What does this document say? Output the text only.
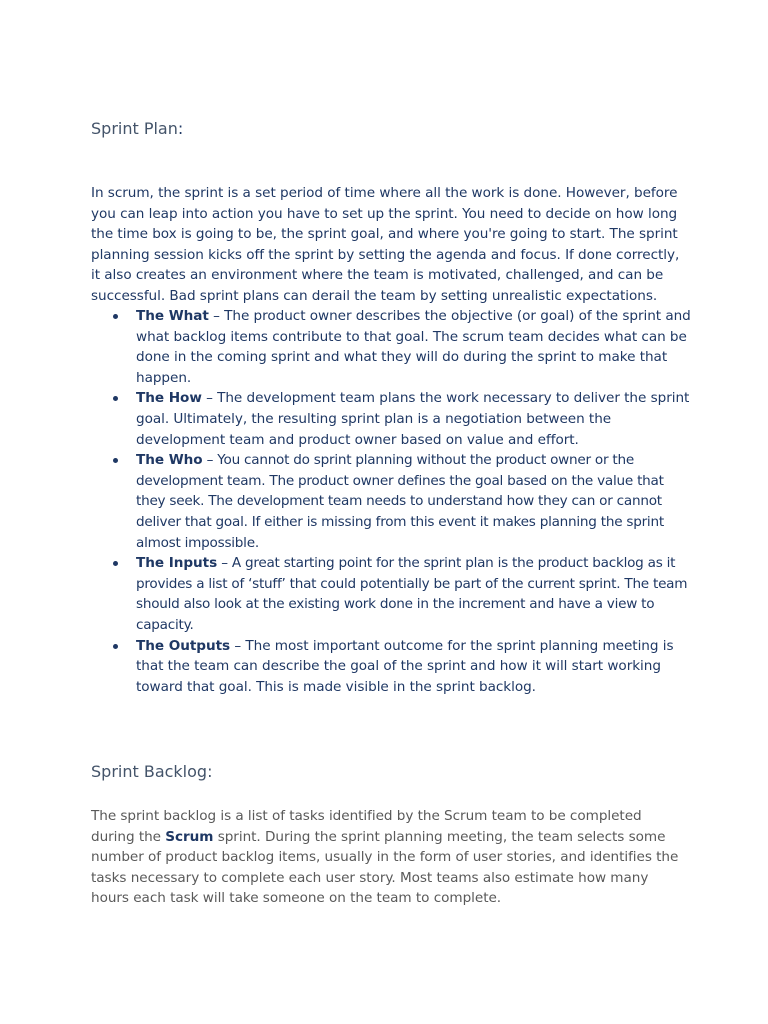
Sprint Plan:

In scrum, the sprint is a set period of time where all the work is done. However, before you can leap into action you have to set up the sprint. You need to decide on how long the time box is going to be, the sprint goal, and where you're going to start. The sprint planning session kicks off the sprint by setting the agenda and focus. If done correctly, it also creates an environment where the team is motivated, challenged, and can be successful. Bad sprint plans can derail the team by setting unrealistic expectations.

The What – The product owner describes the objective (or goal) of the sprint and what backlog items contribute to that goal. The scrum team decides what can be done in the coming sprint and what they will do during the sprint to make that happen.
The How – The development team plans the work necessary to deliver the sprint goal. Ultimately, the resulting sprint plan is a negotiation between the development team and product owner based on value and effort.
The Who – You cannot do sprint planning without the product owner or the development team. The product owner defines the goal based on the value that they seek. The development team needs to understand how they can or cannot deliver that goal. If either is missing from this event it makes planning the sprint almost impossible.
The Inputs – A great starting point for the sprint plan is the product backlog as it provides a list of ‘stuff’ that could potentially be part of the current sprint. The team should also look at the existing work done in the increment and have a view to capacity.
The Outputs – The most important outcome for the sprint planning meeting is that the team can describe the goal of the sprint and how it will start working toward that goal. This is made visible in the sprint backlog.
Sprint Backlog:

The sprint backlog is a list of tasks identified by the Scrum team to be completed during the Scrum sprint. During the sprint planning meeting, the team selects some number of product backlog items, usually in the form of user stories, and identifies the tasks necessary to complete each user story. Most teams also estimate how many hours each task will take someone on the team to complete.
